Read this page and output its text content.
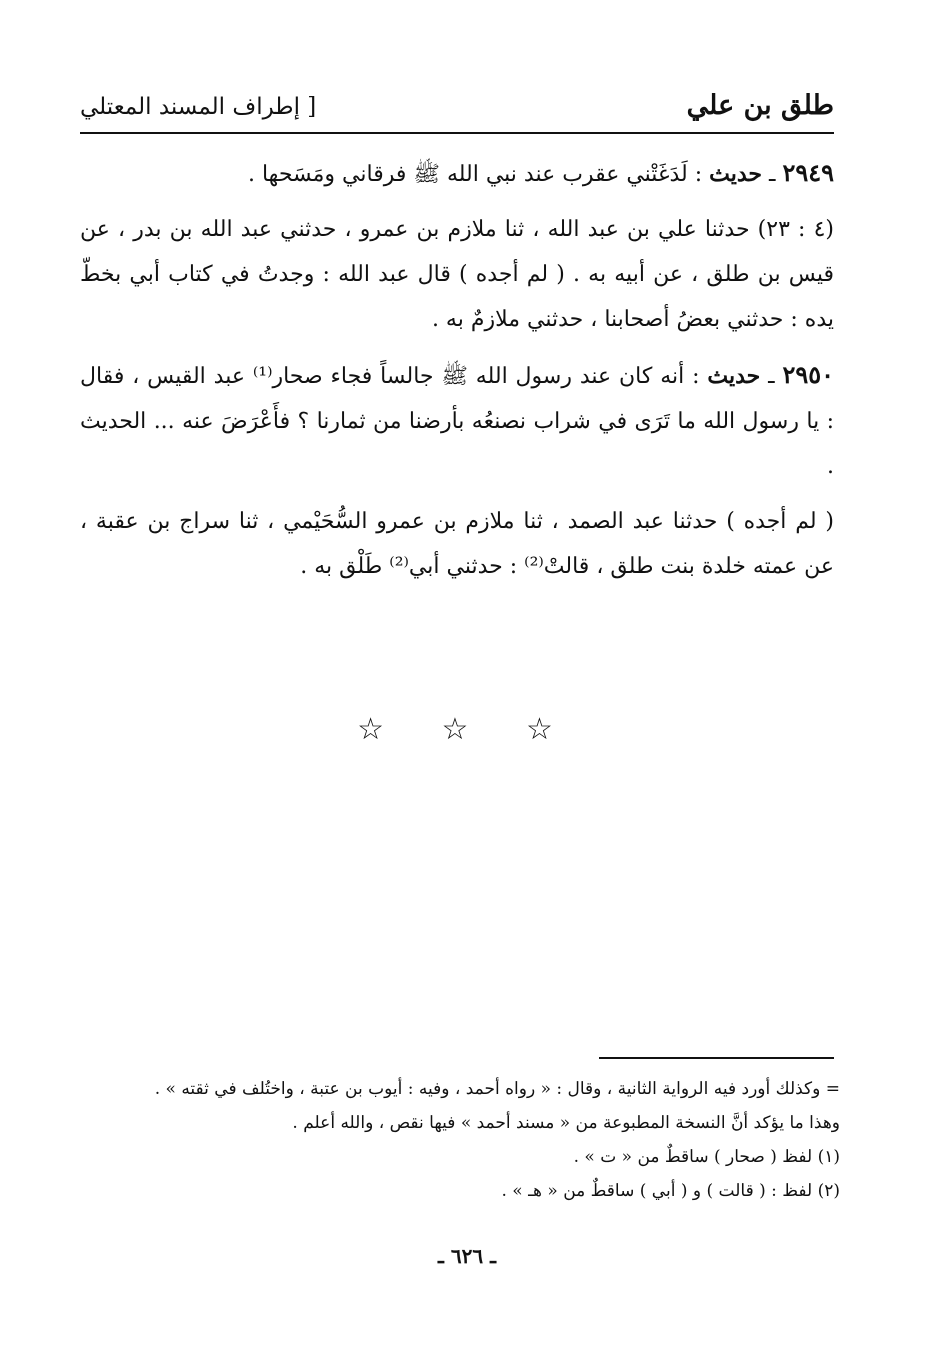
طلق بن علي
[ إطراف المسند المعتلي

٢٩٤٩ ـ حديث : لَدَغَتْني عقرب عند نبي الله ﷺ فرقاني ومَسَحها .

(٤ : ٢٣) حدثنا علي بن عبد الله ، ثنا ملازم بن عمرو ، حدثني عبد الله بن بدر ، عن قيس بن طلق ، عن أبيه به . ( لم أجده ) قال عبد الله : وجدتُ في كتاب أبي بخطّ يده : حدثني بعضُ أصحابنا ، حدثني ملازمٌ به .

٢٩٥٠ ـ حديث : أنه كان عند رسول الله ﷺ جالساً فجاء صحار⁽¹⁾ عبد القيس ، فقال : يا رسول الله ما تَرَى في شراب نصنعُه بأرضنا من ثمارنا ؟ فأَعْرَضَ عنه ... الحديث .

( لم أجده ) حدثنا عبد الصمد ، ثنا ملازم بن عمرو السُّحَيْمي ، ثنا سراج بن عقبة ، عن عمته خلدة بنت طلق ، قالتْ⁽²⁾ : حدثني أبي⁽²⁾ طَلْق به .

☆ ☆ ☆

= وكذلك أورد فيه الرواية الثانية ، وقال : « رواه أحمد ، وفيه : أيوب بن عتبة ، واختُلف في ثقته » .

وهذا ما يؤكد أنَّ النسخة المطبوعة من « مسند أحمد » فيها نقص ، والله أعلم .

(١) لفظ ( صحار ) ساقطٌ من « ت » .

(٢) لفظ : ( قالت ) و ( أبي ) ساقطٌ من « هـ » .

ـ ٦٢٦ ـ
